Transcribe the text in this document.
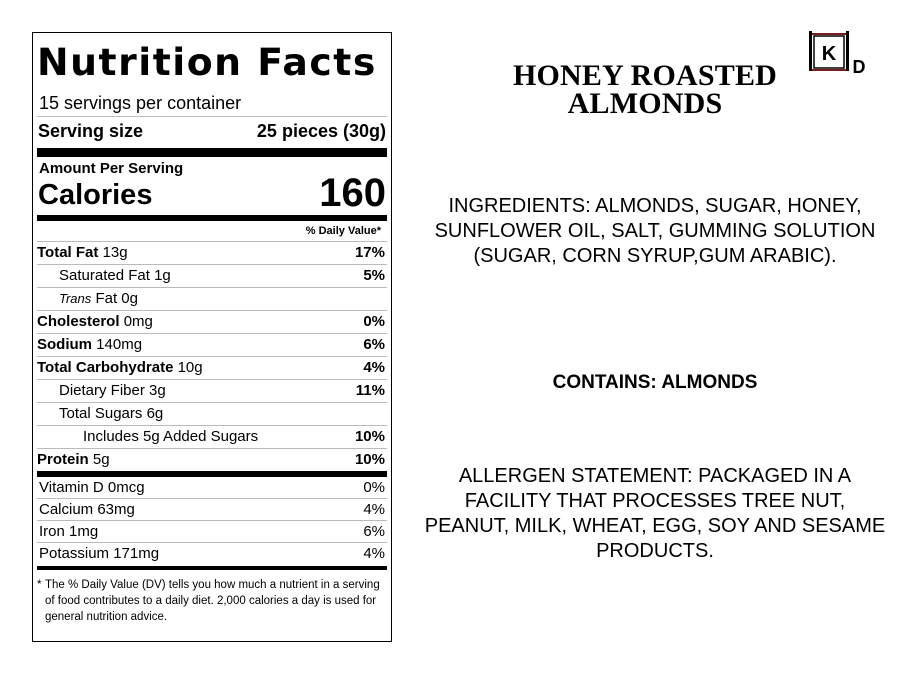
Nutrition Facts
15 servings per container
Serving size	25 pieces (30g)
Amount Per Serving
Calories	160
% Daily Value*
Total Fat 13g	17%
Saturated Fat 1g	5%
Trans Fat 0g
Cholesterol 0mg	0%
Sodium 140mg	6%
Total Carbohydrate 10g	4%
Dietary Fiber 3g	11%
Total Sugars 6g
Includes 5g Added Sugars	10%
Protein 5g	10%
Vitamin D 0mcg	0%
Calcium 63mg	4%
Iron 1mg	6%
Potassium 171mg	4%
* The % Daily Value (DV) tells you how much a nutrient in a serving of food contributes to a daily diet. 2,000 calories a day is used for general nutrition advice.
HONEY ROASTED
ALMONDS
K
D
INGREDIENTS: ALMONDS, SUGAR, HONEY, SUNFLOWER OIL, SALT, GUMMING SOLUTION (SUGAR, CORN SYRUP,GUM ARABIC).
CONTAINS: ALMONDS
ALLERGEN STATEMENT: PACKAGED IN A FACILITY THAT PROCESSES TREE NUT, PEANUT, MILK, WHEAT, EGG, SOY AND SESAME PRODUCTS.
